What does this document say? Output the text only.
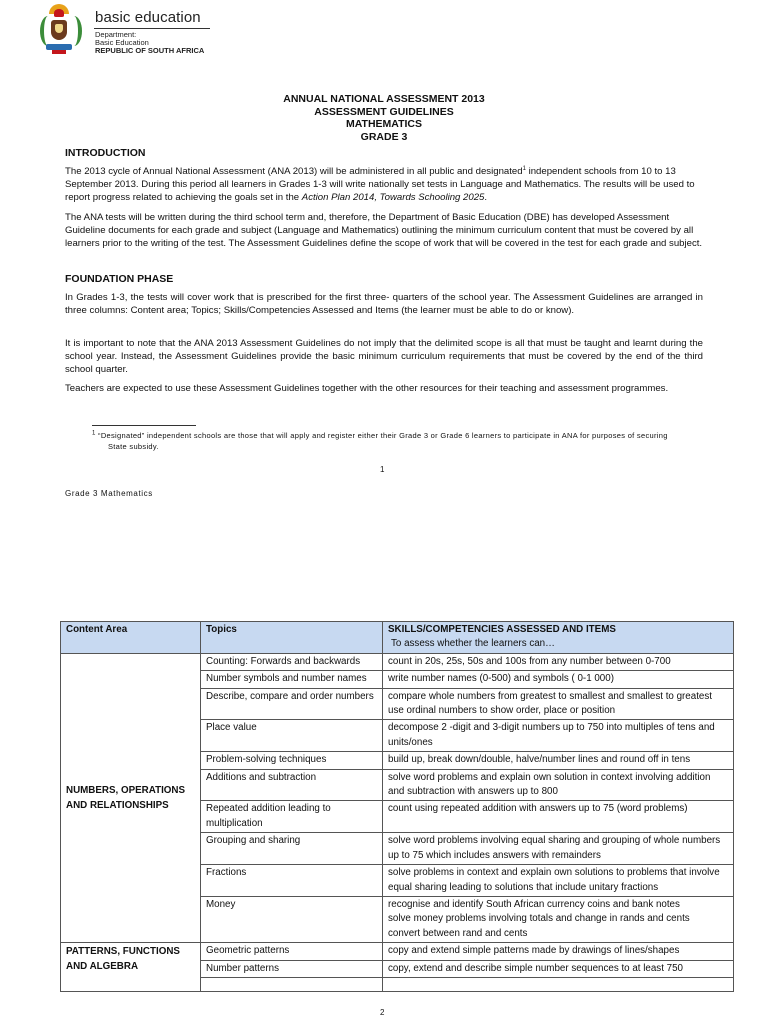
basic education
Department:
Basic Education
REPUBLIC OF SOUTH AFRICA
ANNUAL NATIONAL ASSESSMENT 2013
ASSESSMENT GUIDELINES
MATHEMATICS
GRADE 3
INTRODUCTION
The 2013 cycle of Annual National Assessment (ANA 2013) will be administered in all public and designated$^1$ independent schools from 10 to 13 September 2013. During this period all learners in Grades 1-3 will write nationally set tests in Language and Mathematics. The results will be used to report progress related to achieving the goals set in the Action Plan 2014, Towards Schooling 2025.
The ANA tests will be written during the third school term and, therefore, the Department of Basic Education (DBE) has developed Assessment Guideline documents for each grade and subject (Language and Mathematics) outlining the minimum curriculum content that must be covered by all learners prior to the writing of the test. The Assessment Guidelines define the scope of work that will be covered in the test for each grade and subject.
FOUNDATION PHASE
In Grades 1-3, the tests will cover work that is prescribed for the first three- quarters of the school year. The Assessment Guidelines are arranged in three columns: Content area; Topics; Skills/Competencies Assessed and Items (the learner must be able to do or know).
It is important to note that the ANA 2013 Assessment Guidelines do not imply that the delimited scope is all that must be taught and learnt during the school year. Instead, the Assessment Guidelines provide the basic minimum curriculum requirements that must be covered by the end of the third school quarter.
Teachers are expected to use these Assessment Guidelines together with the other resources for their teaching and assessment programmes.
$^1$ “Designated” independent schools are those that will apply and register either their Grade 3 or Grade 6 learners to participate in ANA for purposes of securing
State subsidy.
1
Grade 3 Mathematics
Content Area	Topics	SKILLS/COMPETENCIES ASSESSED AND ITEMS
To assess whether the learners can…

NUMBERS, OPERATIONS AND RELATIONSHIPS	Counting: Forwards and backwards	count in 20s, 25s, 50s and 100s from any number between 0-700
	Number symbols and number names	write number names (0-500) and symbols ( 0-1 000)
	Describe, compare and order numbers	compare whole numbers from greatest to smallest and smallest to greatest
use ordinal numbers to show order, place or position

	Place value	decompose 2 -digit and 3-digit numbers up to 750 into multiples of tens and units/ones
	Problem-solving techniques	build up, break down/double, halve/number lines and round off in tens
	Additions and subtraction	solve word problems and explain own solution in context involving addition and subtraction with answers up to 800
	Repeated addition leading to multiplication	count using repeated addition with answers up to 75 (word problems)
	Grouping and sharing	solve word problems involving equal sharing and grouping of whole numbers up to 75 which includes answers with remainders
	Fractions	solve problems in context and explain own solutions to problems that involve equal sharing leading to solutions that include unitary fractions
	Money	recognise and identify South African currency coins and bank notes
solve money problems involving totals and change in rands and cents
convert between rand and cents

PATTERNS, FUNCTIONS AND ALGEBRA	Geometric patterns	copy and extend simple patterns made by drawings of lines/shapes
	Number patterns	copy, extend and describe simple number sequences to at least 750

2
